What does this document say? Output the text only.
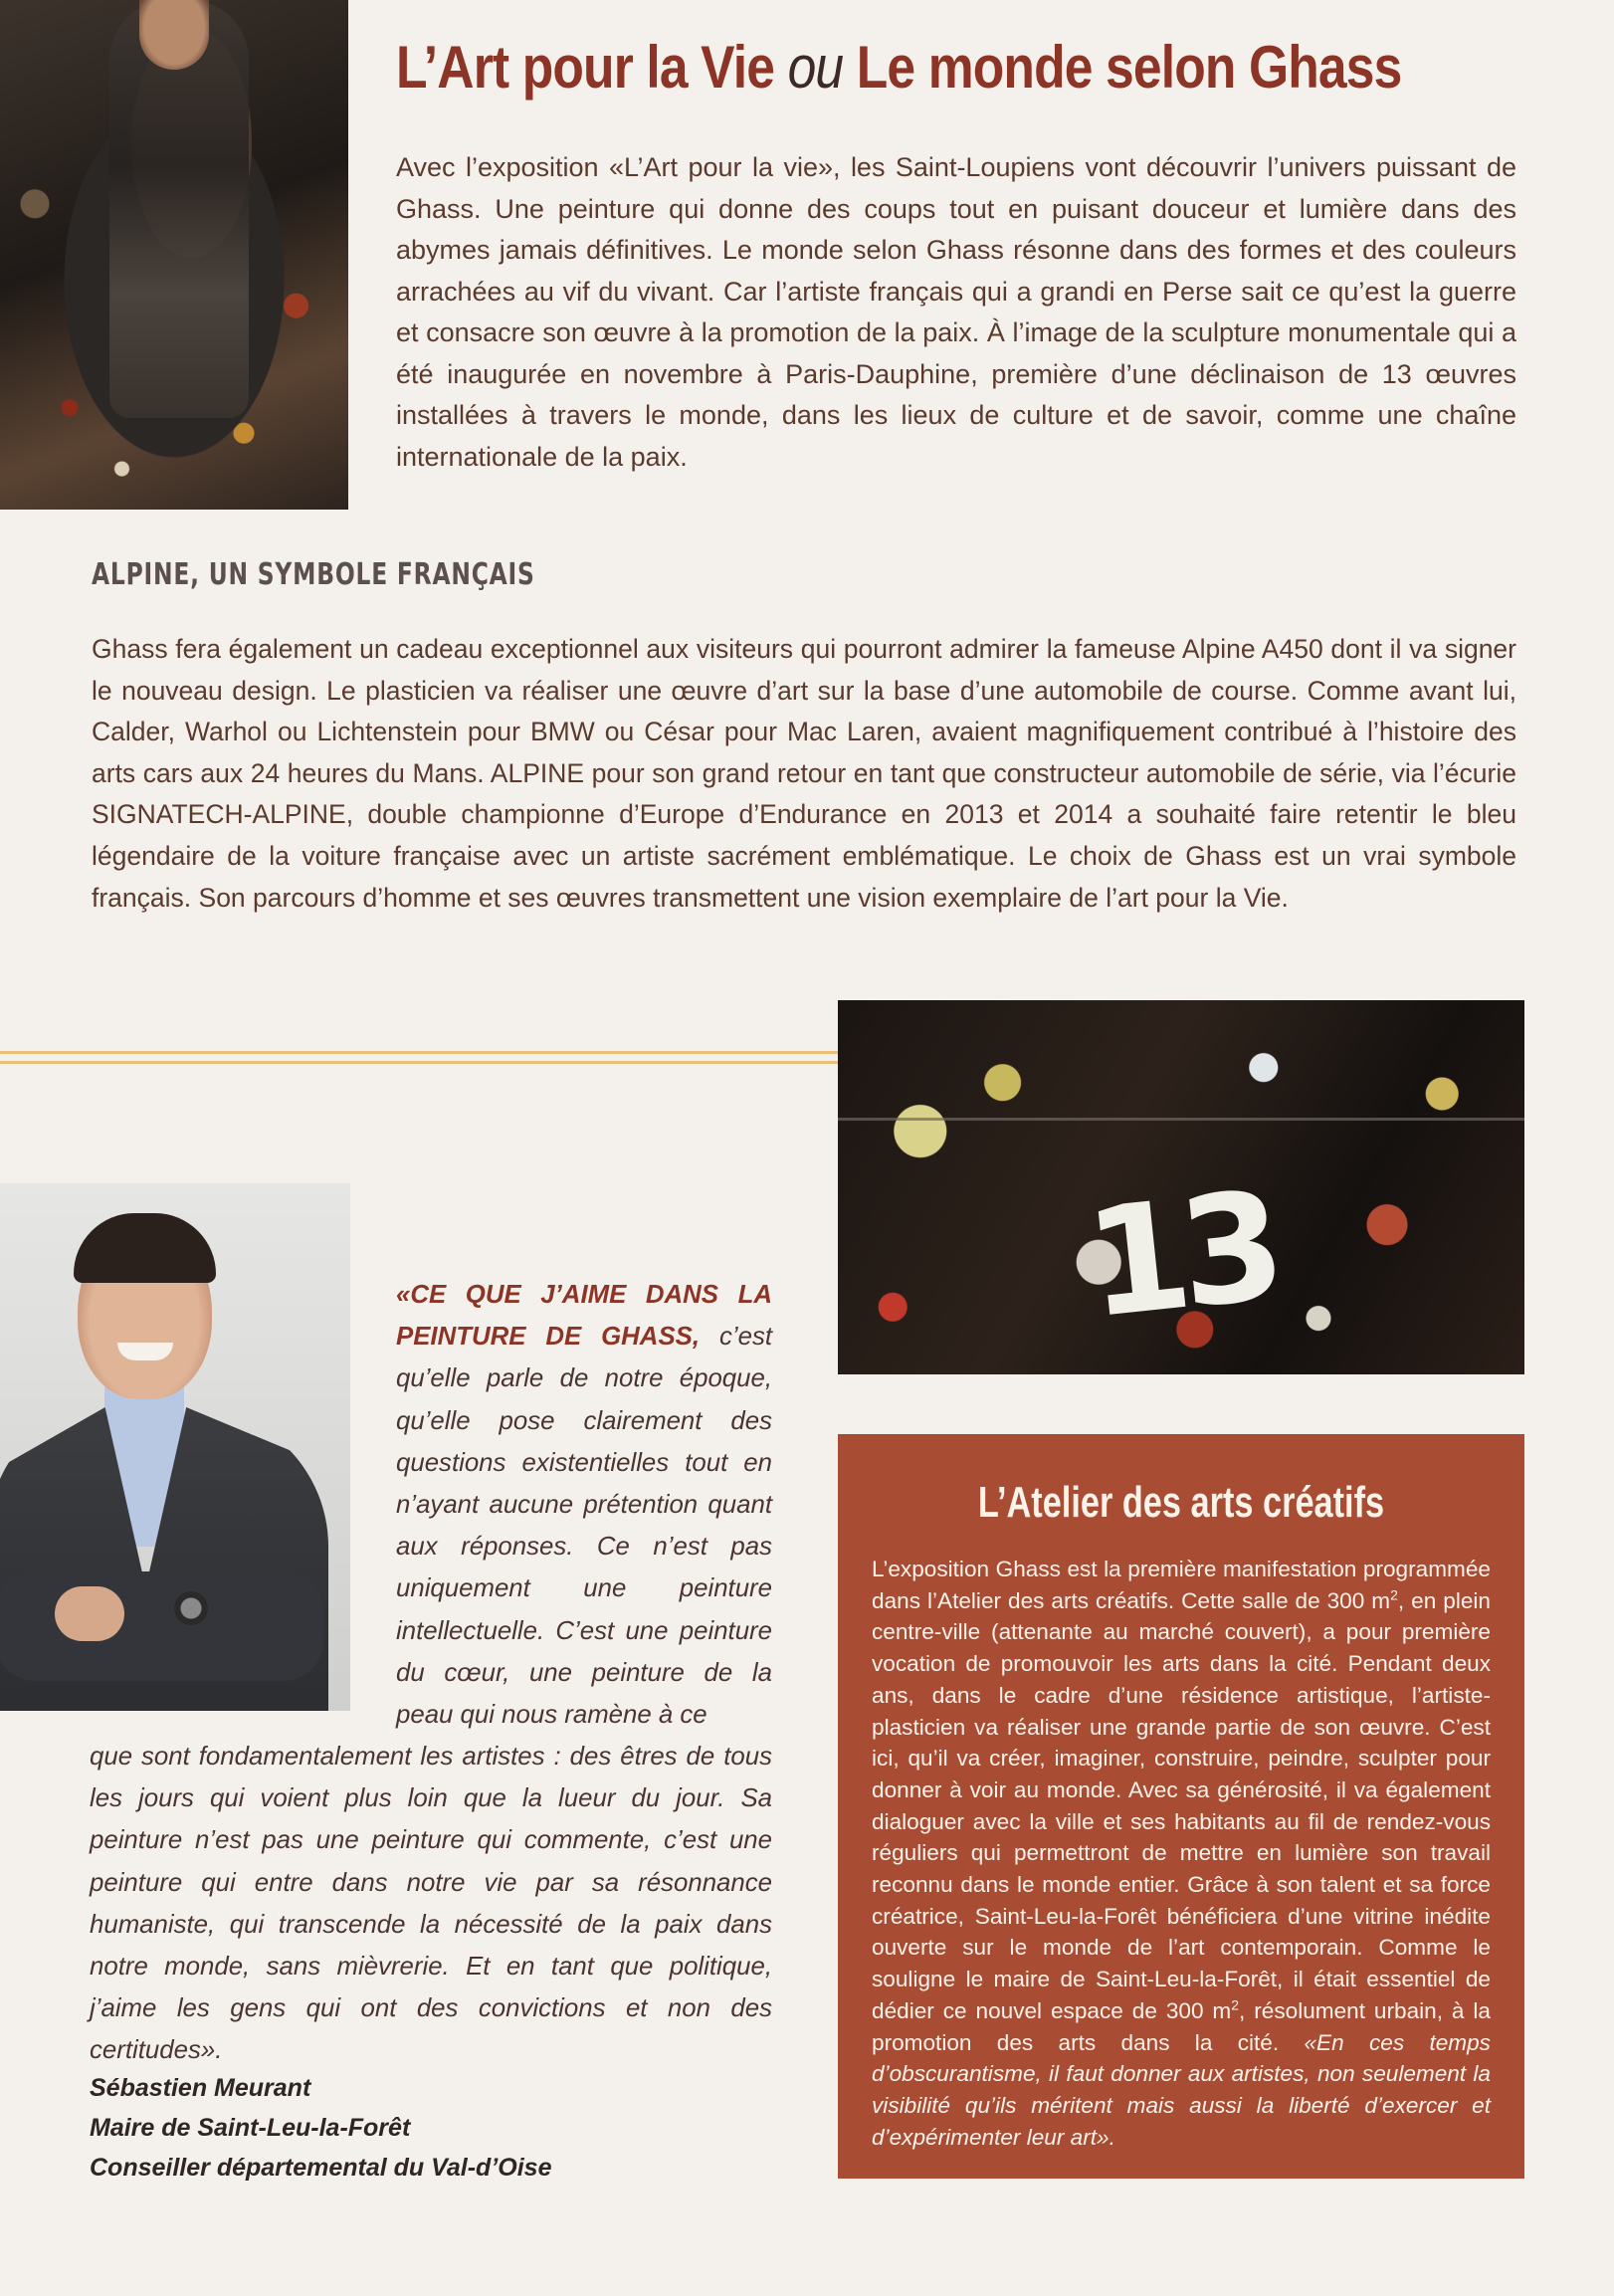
L’Art pour la Vie ou Le monde selon Ghass

Avec l’exposition «L’Art pour la vie», les Saint-Loupiens vont découvrir l’univers puissant de Ghass. Une peinture qui donne des coups tout en puisant douceur et lumière dans des abymes jamais définitives. Le monde selon Ghass résonne dans des formes et des couleurs arrachées au vif du vivant. Car l’artiste français qui a grandi en Perse sait ce qu’est la guerre et consacre son œuvre à la promotion de la paix. À l’image de la sculpture monumentale qui a été inaugurée en novembre à Paris-Dauphine, première d’une déclinaison de 13 œuvres installées à travers le monde, dans les lieux de culture et de savoir, comme une chaîne internationale de la paix.

ALPINE, UN SYMBOLE FRANÇAIS

Ghass fera également un cadeau exceptionnel aux visiteurs qui pourront admirer la fameuse Alpine A450 dont il va signer le nouveau design. Le plasticien va réaliser une œuvre d’art sur la base d’une automobile de course. Comme avant lui, Calder, Warhol ou Lichtenstein pour BMW ou César pour Mac Laren, avaient magnifiquement contribué à l’histoire des arts cars aux 24 heures du Mans. ALPINE pour son grand retour en tant que constructeur automobile de série, via l’écurie SIGNATECH-ALPINE, double championne d’Europe d’Endurance en 2013 et 2014 a souhaité faire retentir le bleu légendaire de la voiture française avec un artiste sacrément emblématique. Le choix de Ghass est un vrai symbole français. Son parcours d’homme et ses œuvres transmettent une vision exemplaire de l’art pour la Vie.

13

«CE QUE J’AIME DANS LA PEINTURE DE GHASS, c’est qu’elle parle de notre époque, qu’elle pose clairement des questions existentielles tout en n’ayant aucune prétention quant aux réponses. Ce n’est pas uniquement une peinture intellectuelle. C’est une peinture du cœur, une peinture de la peau qui nous ramène à ce

que sont fondamentalement les artistes : des êtres de tous les jours qui voient plus loin que la lueur du jour. Sa peinture n’est pas une peinture qui commente, c’est une peinture qui entre dans notre vie par sa résonnance humaniste, qui transcende la nécessité de la paix dans notre monde, sans mièvrerie. Et en tant que politique, j’aime les gens qui ont des convictions et non des certitudes».

Sébastien Meurant
Maire de Saint-Leu-la-Forêt
Conseiller départemental du Val-d’Oise
L’Atelier des arts créatifs

L’exposition Ghass est la première manifestation programmée dans l’Atelier des arts créatifs. Cette salle de 300 $m^2$, en plein centre-ville (attenante au marché couvert), a pour première vocation de promouvoir les arts dans la cité. Pendant deux ans, dans le cadre d’une résidence artistique, l’artiste-plasticien va réaliser une grande partie de son œuvre. C’est ici, qu’il va créer, imaginer, construire, peindre, sculpter pour donner à voir au monde. Avec sa générosité, il va également dialoguer avec la ville et ses habitants au fil de rendez-vous réguliers qui permettront de mettre en lumière son travail reconnu dans le monde entier. Grâce à son talent et sa force créatrice, Saint-Leu-la-Forêt bénéficiera d’une vitrine inédite ouverte sur le monde de l’art contemporain. Comme le souligne le maire de Saint-Leu-la-Forêt, il était essentiel de dédier ce nouvel espace de 300 $m^2$, résolument urbain, à la promotion des arts dans la cité. «En ces temps d’obscurantisme, il faut donner aux artistes, non seulement la visibilité qu’ils méritent mais aussi la liberté d’exercer et d’expérimenter leur art».
